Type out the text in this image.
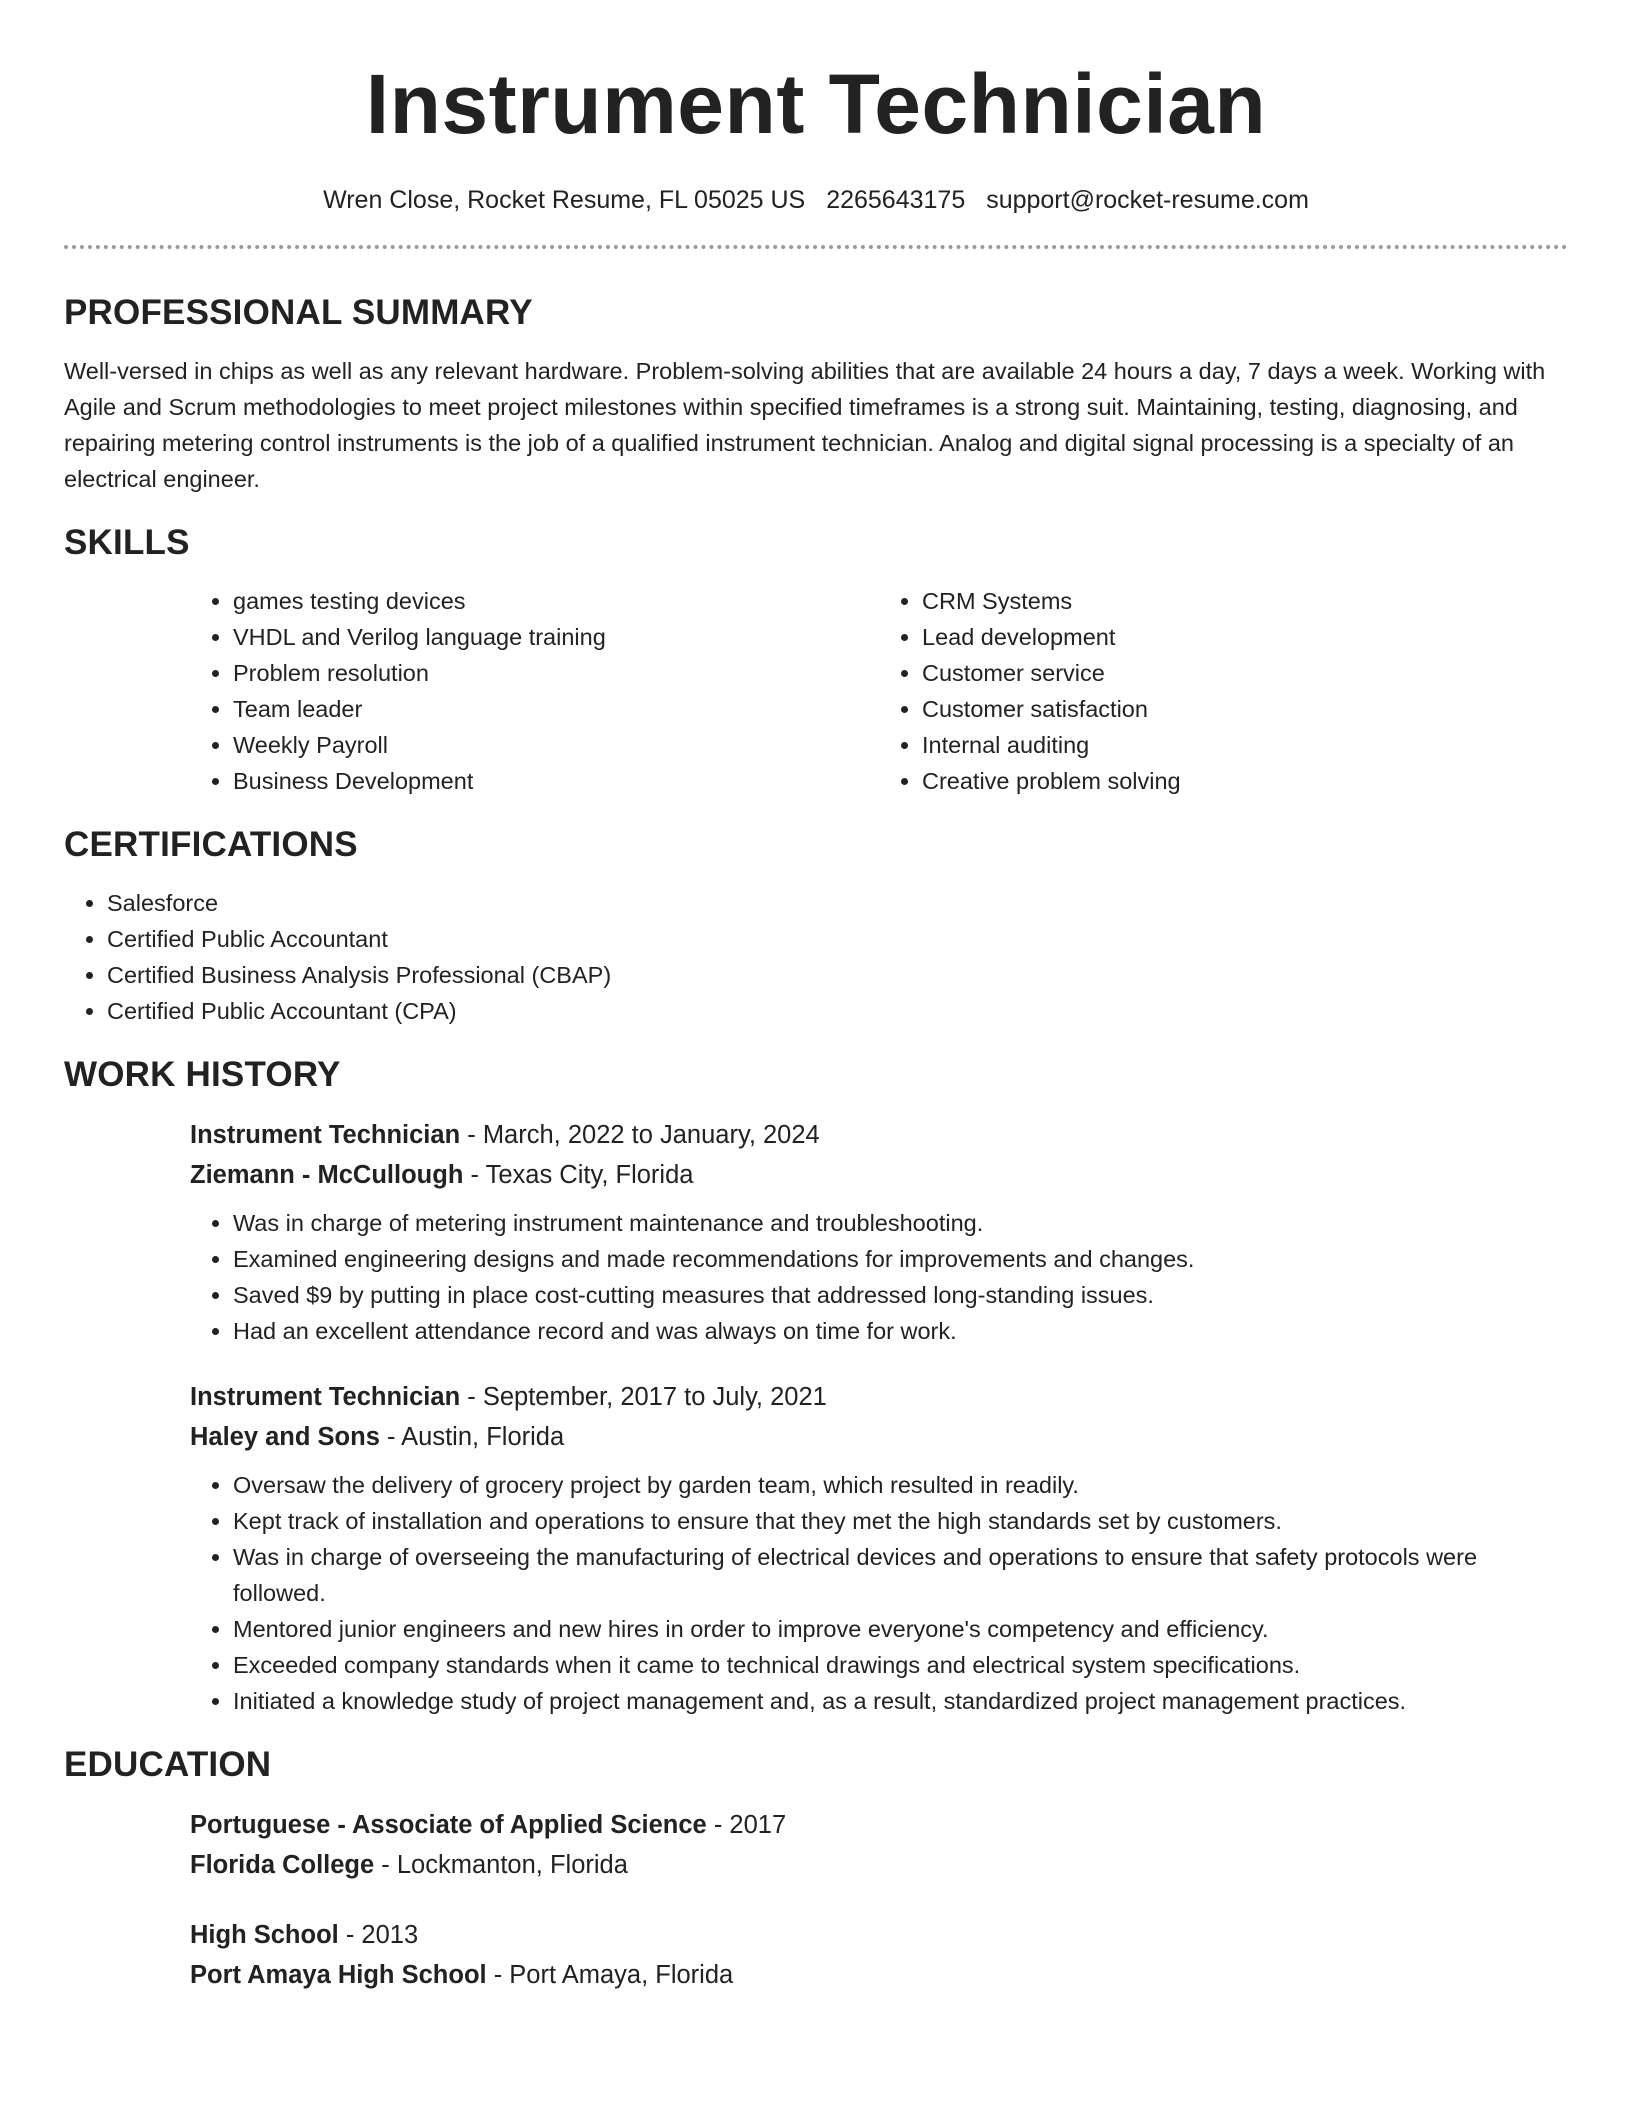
Instrument Technician
Wren Close, Rocket Resume, FL 05025 US 2265643175 support@rocket-resume.com
PROFESSIONAL SUMMARY

Well-versed in chips as well as any relevant hardware. Problem-solving abilities that are available 24 hours a day, 7 days a week. Working with Agile and Scrum methodologies to meet project milestones within specified timeframes is a strong suit. Maintaining, testing, diagnosing, and repairing metering control instruments is the job of a qualified instrument technician. Analog and digital signal processing is a specialty of an electrical engineer.

SKILLS
• games testing devices
• VHDL and Verilog language training
• Problem resolution
• Team leader
• Weekly Payroll
• Business Development
• CRM Systems
• Lead development
• Customer service
• Customer satisfaction
• Internal auditing
• Creative problem solving
CERTIFICATIONS
• Salesforce
• Certified Public Accountant
• Certified Business Analysis Professional (CBAP)
• Certified Public Accountant (CPA)
WORK HISTORY

Instrument Technician - March, 2022 to January, 2024

Ziemann - McCullough - Texas City, Florida

• Was in charge of metering instrument maintenance and troubleshooting.
• Examined engineering designs and made recommendations for improvements and changes.
• Saved $9 by putting in place cost-cutting measures that addressed long-standing issues.
• Had an excellent attendance record and was always on time for work.

Instrument Technician - September, 2017 to July, 2021

Haley and Sons - Austin, Florida

• Oversaw the delivery of grocery project by garden team, which resulted in readily.
• Kept track of installation and operations to ensure that they met the high standards set by customers.
• Was in charge of overseeing the manufacturing of electrical devices and operations to ensure that safety protocols were followed.
• Mentored junior engineers and new hires in order to improve everyone's competency and efficiency.
• Exceeded company standards when it came to technical drawings and electrical system specifications.
• Initiated a knowledge study of project management and, as a result, standardized project management practices.
EDUCATION

Portuguese - Associate of Applied Science - 2017

Florida College - Lockmanton, Florida

High School - 2013

Port Amaya High School - Port Amaya, Florida
